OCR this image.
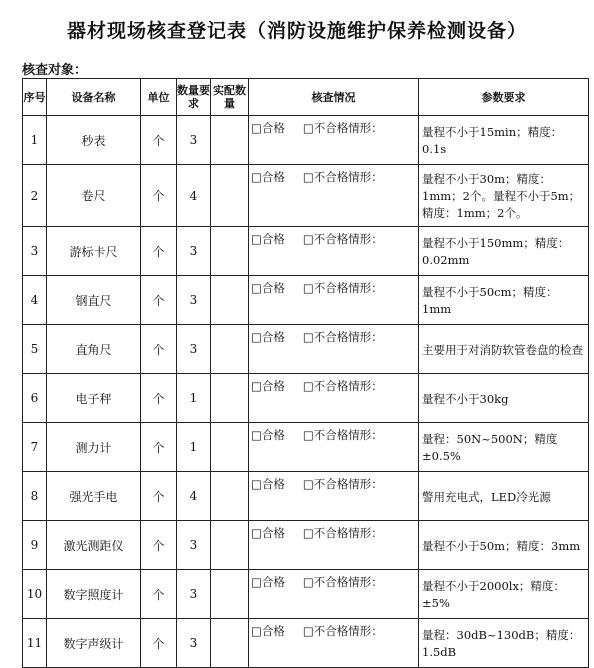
器材现场核查登记表（消防设施维护保养检测设备）
核查对象：
序号	设备名称	单位	数量要求	实配数量	核查情况	参数要求
1	秒表	个	3		□合格 □不合格情形：	量程不小于15min；精度：0.1s
2	卷尺	个	4		□合格 □不合格情形：	量程不小于30m；精度：1mm；2个。量程不小于5m；精度：1mm；2个。
3	游标卡尺	个	3		□合格 □不合格情形：	量程不小于150mm；精度：0.02mm
4	钢直尺	个	3		□合格 □不合格情形：	量程不小于50cm；精度：1mm
5	直角尺	个	3		□合格 □不合格情形：	主要用于对消防软管卷盘的检查
6	电子秤	个	1		□合格 □不合格情形：	量程不小于30kg
7	测力计	个	1		□合格 □不合格情形：	量程：50N~500N；精度±0.5%
8	强光手电	个	4		□合格 □不合格情形：	警用充电式，LED冷光源
9	激光测距仪	个	3		□合格 □不合格情形：	量程不小于50m；精度：3mm
10	数字照度计	个	3		□合格 □不合格情形：	量程不小于2000lx；精度：±5%
11	数字声级计	个	3		□合格 □不合格情形：	量程：30dB~130dB；精度：1.5dB
